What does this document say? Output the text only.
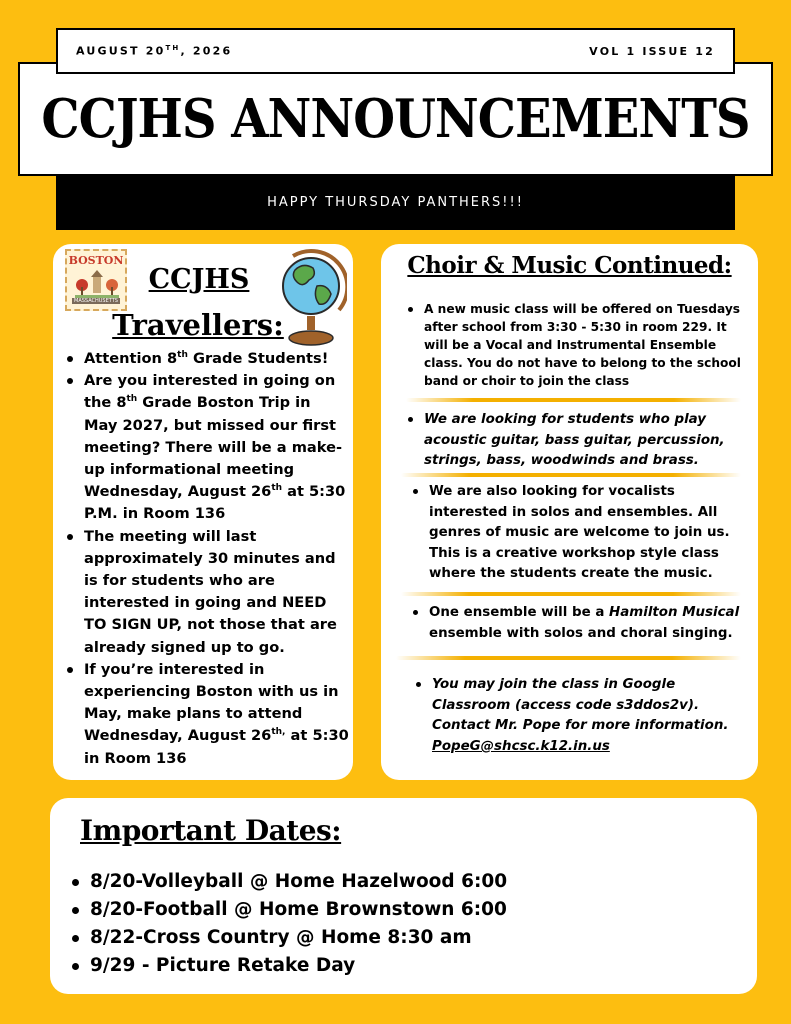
CCJHS ANNOUNCEMENTS
AUGUST 20TH, 2026	VOL 1 ISSUE 12
HAPPY THURSDAY PANTHERS!!!
BOSTON
MASSACHUSETTS
CCJHS
Travellers:
Attention 8th Grade Students!
Are you interested in going on the 8th Grade Boston Trip in May 2027, but missed our first meeting? There will be a make-up informational meeting Wednesday, August 26th at 5:30 P.M. in Room 136
The meeting will last approximately 30 minutes and is for students who are interested in going and NEED TO SIGN UP, not those that are already signed up to go.
If you’re interested in experiencing Boston with us in May, make plans to attend Wednesday, August $26^{th,}$ at 5:30 in Room 136
Choir & Music Continued:
A new music class will be offered on Tuesdays after school from 3:30 - 5:30 in room 229. It will be a Vocal and Instrumental Ensemble class. You do not have to belong to the school band or choir to join the class
We are looking for students who play acoustic guitar, bass guitar, percussion, strings, bass, woodwinds and brass.
We are also looking for vocalists interested in solos and ensembles. All genres of music are welcome to join us. This is a creative workshop style class where the students create the music.
One ensemble will be a Hamilton Musical ensemble with solos and choral singing.
You may join the class in Google Classroom (access code s3ddos2v). Contact Mr. Pope for more information.
PopeG@shcsc.k12.in.us
Important Dates:
8/20-Volleyball @ Home Hazelwood 6:00
8/20-Football @ Home Brownstown 6:00
8/22-Cross Country @ Home 8:30 am
9/29 - Picture Retake Day
